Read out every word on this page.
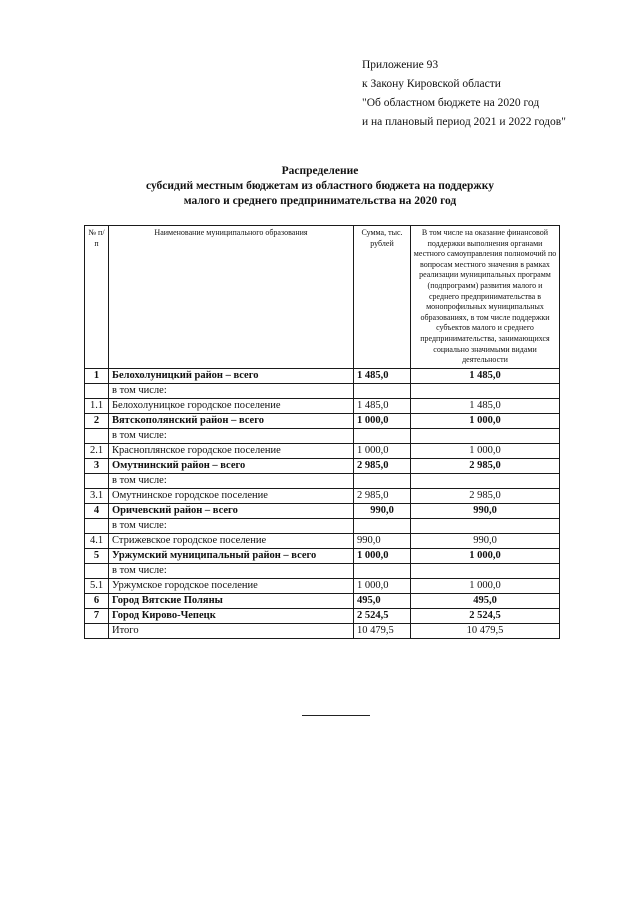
Приложение 93
к Закону Кировской области
"Об областном бюджете на 2020 год
и на плановый период 2021 и 2022 годов"
Распределение
субсидий местным бюджетам из областного бюджета на поддержку
малого и среднего предпринимательства на 2020 год
№ п/п	Наименование муниципального образования	Сумма, тыс. рублей	В том числе на оказание финансовой поддержки выполнения органами местного самоуправления полномочий по вопросам местного значения в рамках реализации муниципальных программ (подпрограмм) развития малого и среднего предпринимательства в монопрофильных муниципальных образованиях, в том числе поддержки субъектов малого и среднего предпринимательства, занимающихся социально значимыми видами деятельности
1	Белохолуницкий район – всего	1 485,0	1 485,0
	в том числе:		
1.1	Белохолуницкое городское поселение	1 485,0	1 485,0
2	Вятскополянский район – всего	1 000,0	1 000,0
	в том числе:		
2.1	Красноплянское городское поселение	1 000,0	1 000,0
3	Омутнинский район – всего	2 985,0	2 985,0
	в том числе:		
3.1	Омутнинское городское поселение	2 985,0	2 985,0
4	Оричевский район – всего	990,0	990,0
	в том числе:		
4.1	Стрижевское городское поселение	990,0	990,0
5	Уржумский муниципальный район – всего	1 000,0	1 000,0
	в том числе:		
5.1	Уржумское городское поселение	1 000,0	1 000,0
6	Город Вятские Поляны	495,0	495,0
7	Город Кирово-Чепецк	2 524,5	2 524,5
	Итого	10 479,5	10 479,5
